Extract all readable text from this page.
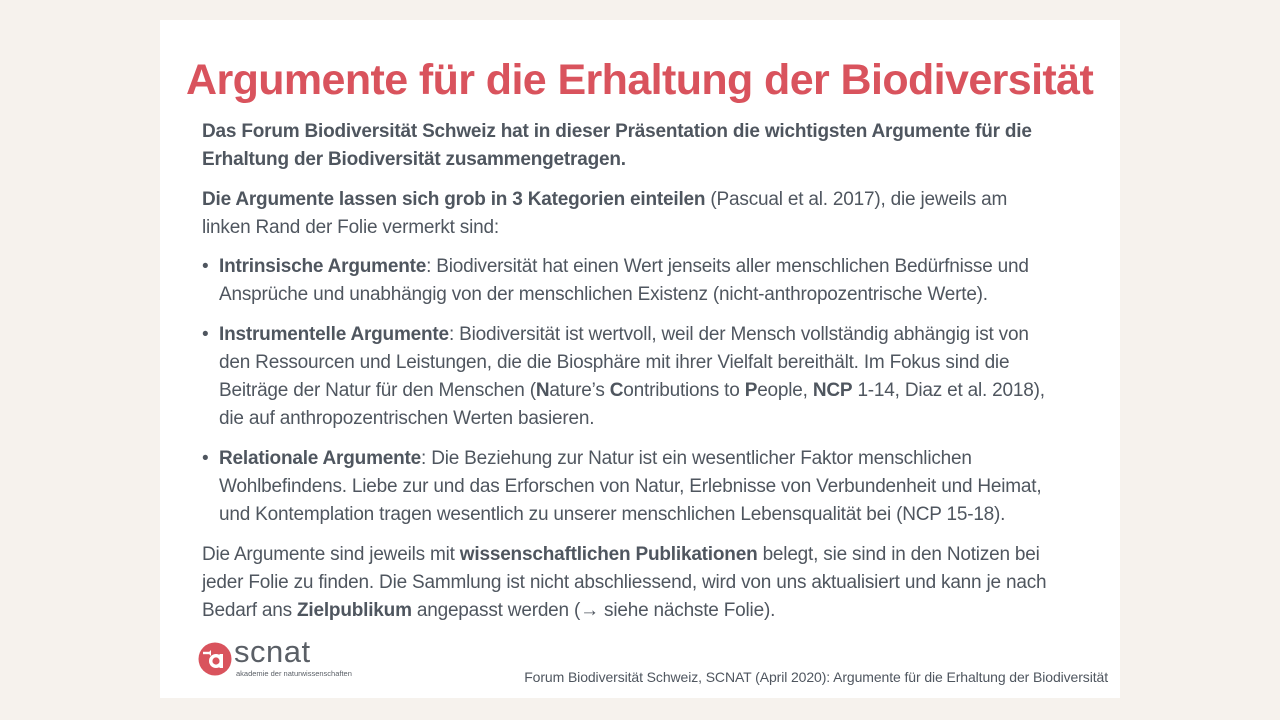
Argumente für die Erhaltung der Biodiversität

Das Forum Biodiversität Schweiz hat in dieser Präsentation die wichtigsten Argumente für die Erhaltung der Biodiversität zusammengetragen.

Die Argumente lassen sich grob in 3 Kategorien einteilen (Pascual et al. 2017), die jeweils am linken Rand der Folie vermerkt sind:

• Intrinsische Argumente: Biodiversität hat einen Wert jenseits aller menschlichen Bedürfnisse und Ansprüche und unabhängig von der menschlichen Existenz (nicht-anthropozentrische Werte).
• Instrumentelle Argumente: Biodiversität ist wertvoll, weil der Mensch vollständig abhängig ist von den Ressourcen und Leistungen, die die Biosphäre mit ihrer Vielfalt bereithält. Im Fokus sind die Beiträge der Natur für den Menschen (Nature’s Contributions to People, NCP 1-14, Diaz et al. 2018), die auf anthropozentrischen Werten basieren.
• Relationale Argumente: Die Beziehung zur Natur ist ein wesentlicher Faktor menschlichen Wohlbefindens. Liebe zur und das Erforschen von Natur, Erlebnisse von Verbundenheit und Heimat, und Kontemplation tragen wesentlich zu unserer menschlichen Lebensqualität bei (NCP 15-18).

Die Argumente sind jeweils mit wissenschaftlichen Publikationen belegt, sie sind in den Notizen bei jeder Folie zu finden. Die Sammlung ist nicht abschliessend, wird von uns aktualisiert und kann je nach Bedarf ans Zielpublikum angepasst werden (→ siehe nächste Folie).

scnat
akademie der naturwissenschaften	Forum Biodiversität Schweiz, SCNAT (April 2020): Argumente für die Erhaltung der Biodiversität
